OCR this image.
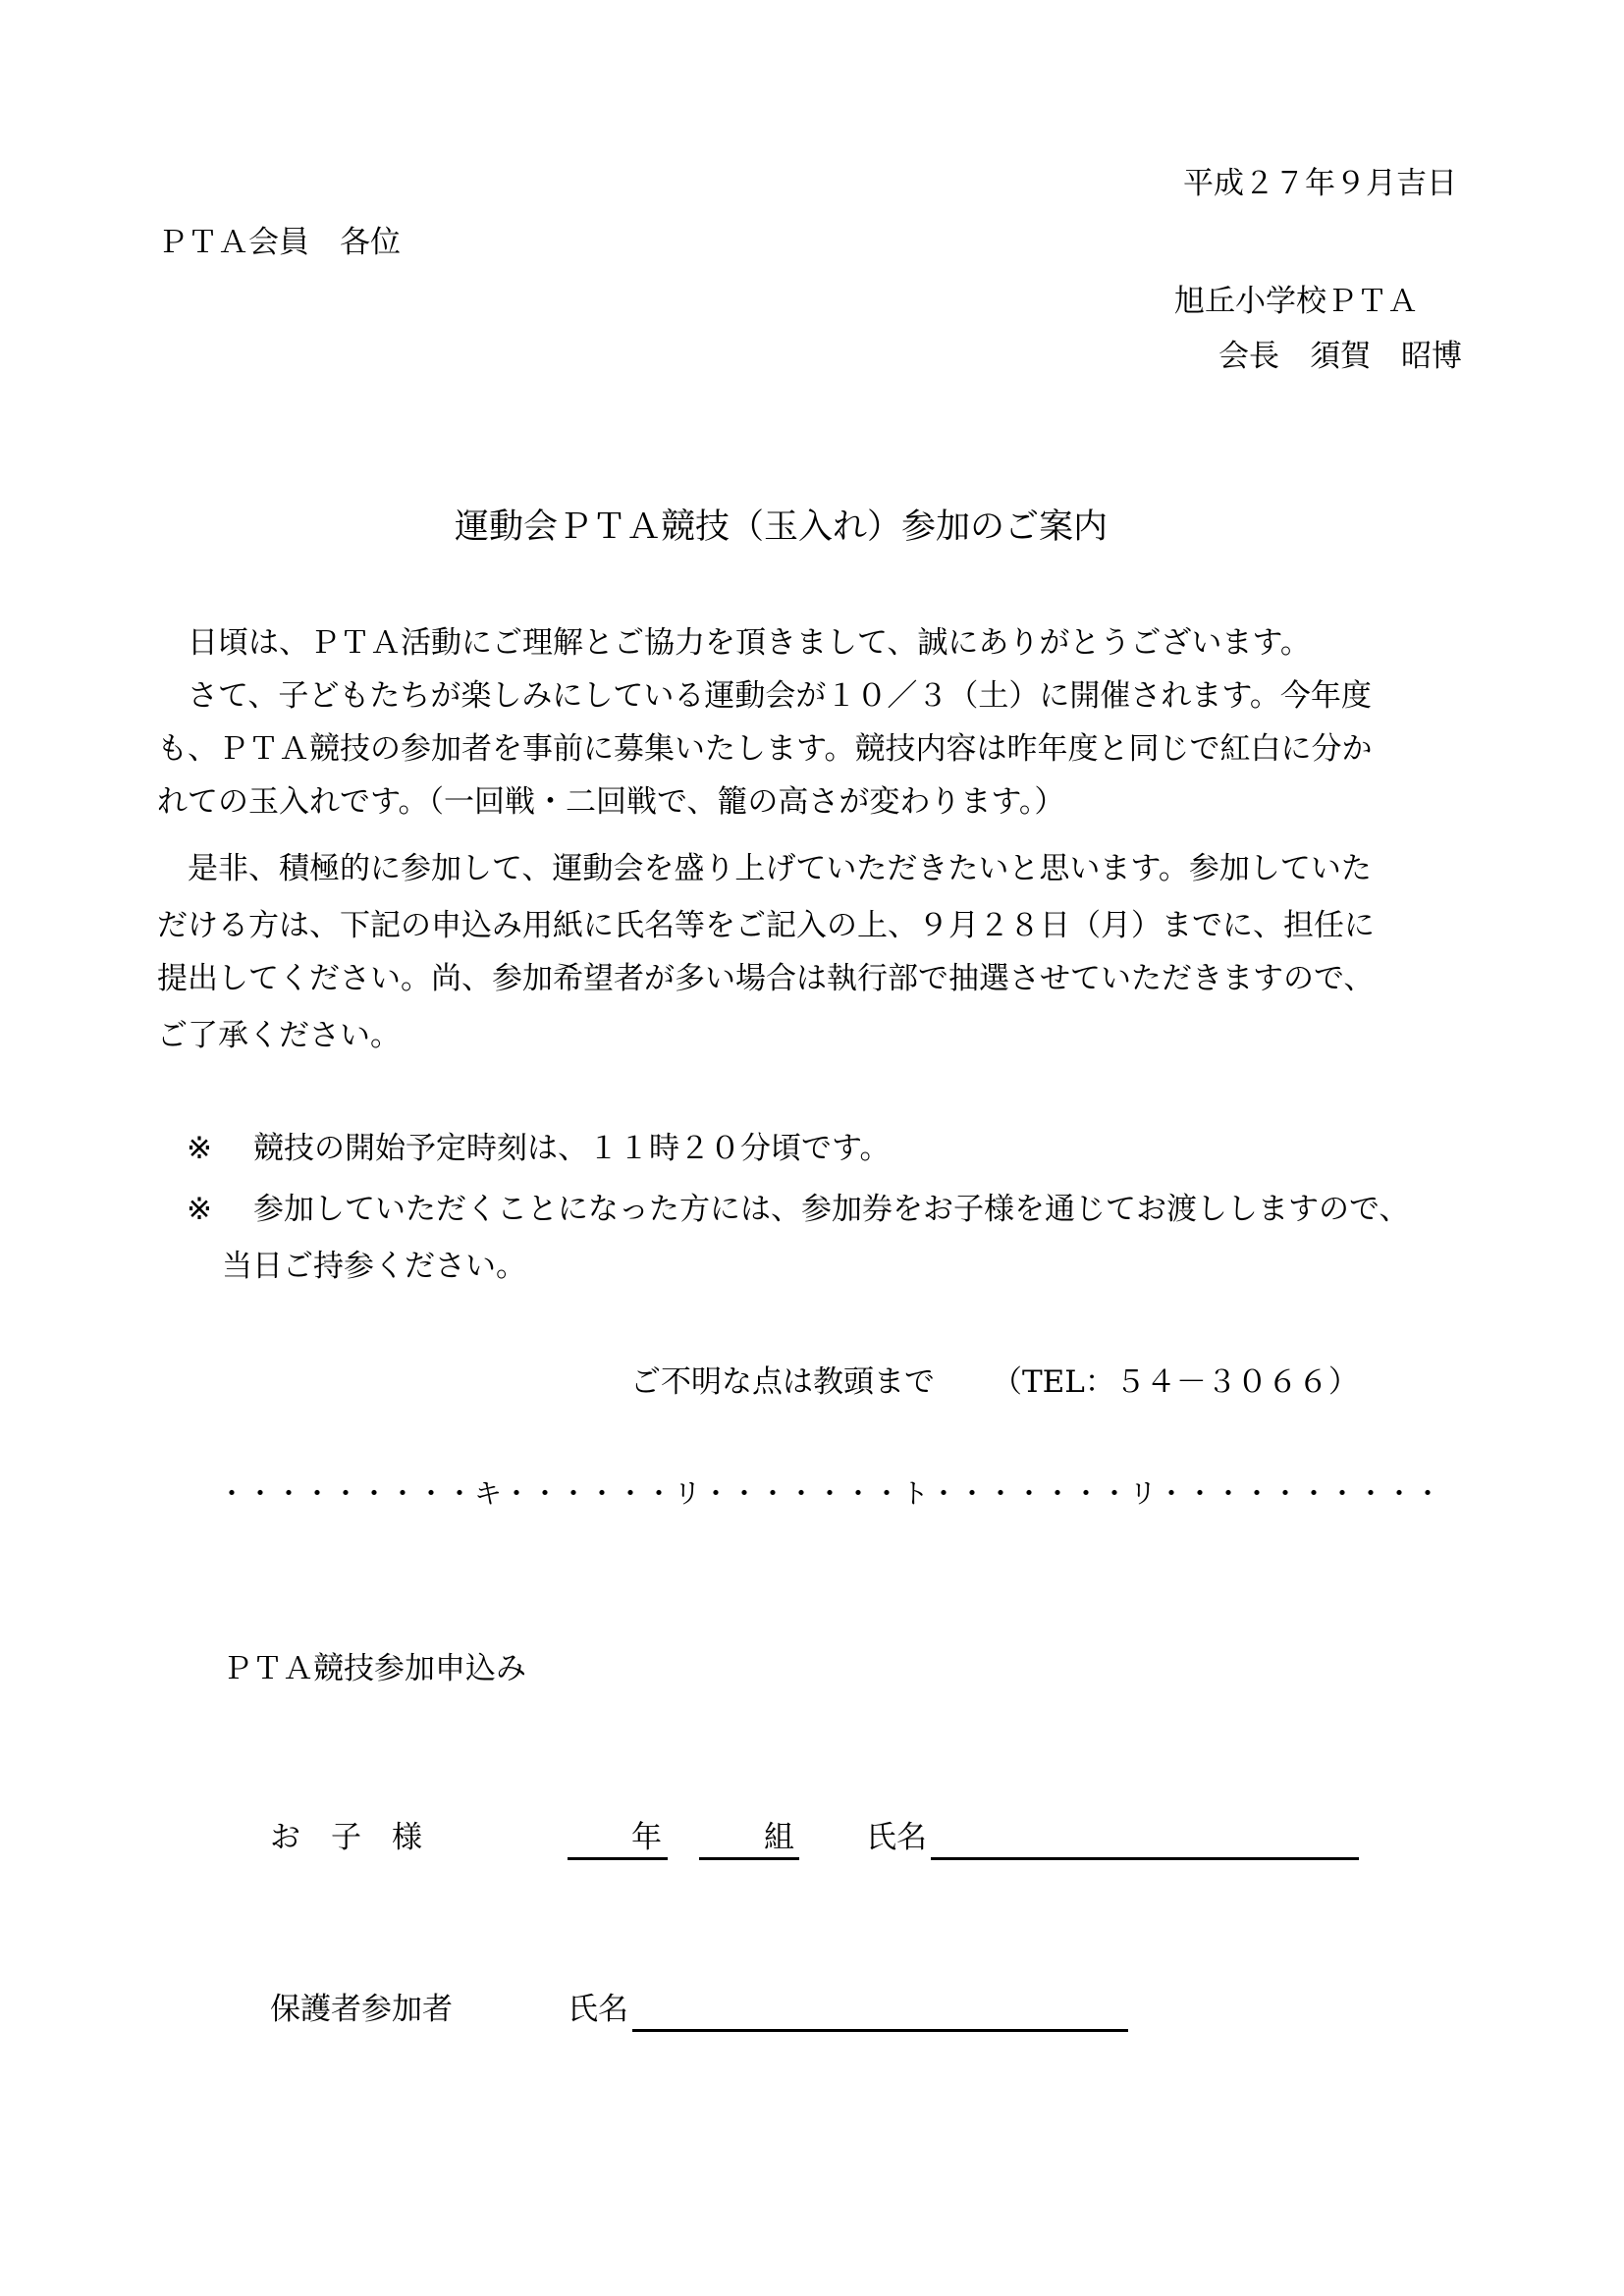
平成２７年９月吉日
ＰＴＡ会員　各位
旭丘小学校ＰＴＡ
会長　須賀　昭博
運動会ＰＴＡ競技（玉入れ）参加のご案内
　日頃は、ＰＴＡ活動にご理解とご協力を頂きまして、誠にありがとうございます。
　さて、子どもたちが楽しみにしている運動会が１０／３（土）に開催されます。今年度
も、ＰＴＡ競技の参加者を事前に募集いたします。競技内容は昨年度と同じで紅白に分か
れての玉入れです。（一回戦・二回戦で、籠の高さが変わります。）
　是非、積極的に参加して、運動会を盛り上げていただきたいと思います。参加していた
だける方は、下記の申込み用紙に氏名等をご記入の上、９月２８日（月）までに、担任に
提出してください。尚、参加希望者が多い場合は執行部で抽選させていただきますので、
ご了承ください。
※ 競技の開始予定時刻は、１１時２０分頃です。
※ 参加していただくことになった方には、参加券をお子様を通じてお渡ししますので、
当日ご持参ください。
ご不明な点は教頭まで （TEL：５４－３０６６）
・・・・・・・・・キ・・・・・・リ・・・・・・・ト・・・・・・・リ・・・・・・・・・・
ＰＴＡ競技参加申込み
お　子　様	年	組 氏名
保護者参加者	氏名
